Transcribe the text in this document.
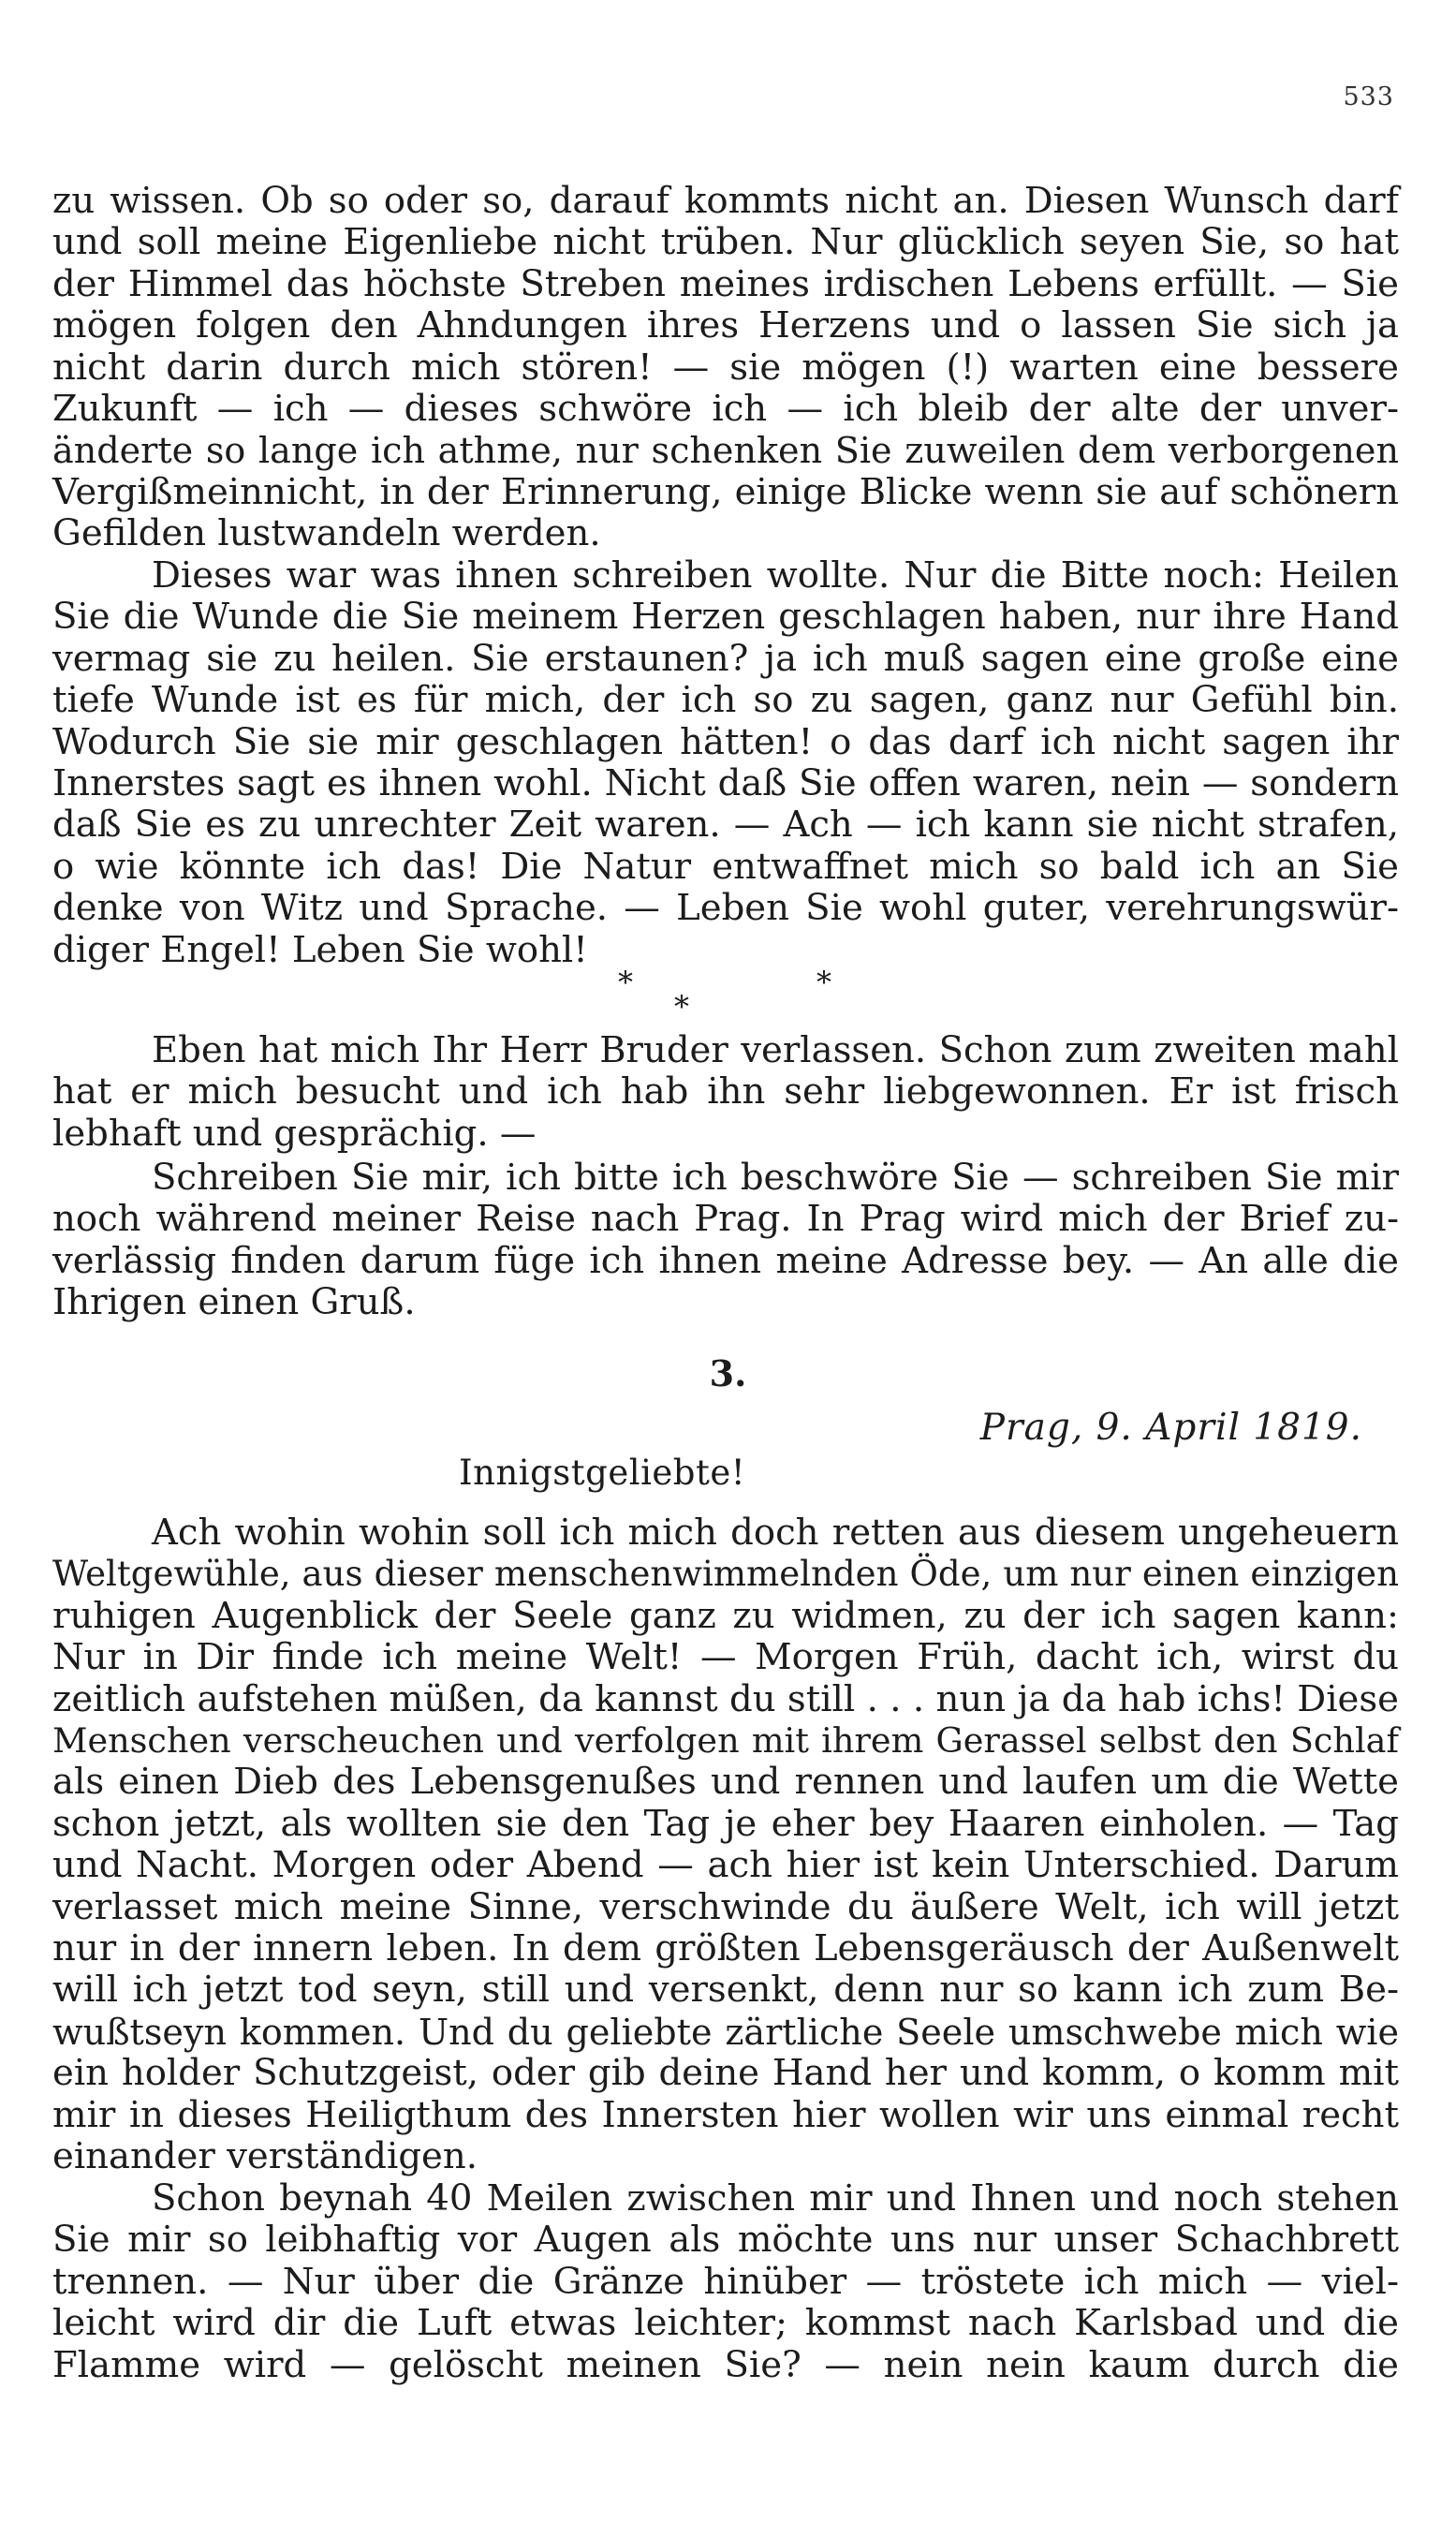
533
zu wissen. Ob so oder so, darauf kommts nicht an. Diesen Wunsch darf
und soll meine Eigenliebe nicht trüben. Nur glücklich seyen Sie, so hat
der Himmel das höchste Streben meines irdischen Lebens erfüllt. — Sie
mögen folgen den Ahndungen ihres Herzens und o lassen Sie sich ja
nicht darin durch mich stören! — sie mögen (!) warten eine bessere
Zukunft — ich — dieses schwöre ich — ich bleib der alte der unver-
änderte so lange ich athme, nur schenken Sie zuweilen dem verborgenen
Vergißmeinnicht, in der Erinnerung, einige Blicke wenn sie auf schönern
Gefilden lustwandeln werden.
Dieses war was ihnen schreiben wollte. Nur die Bitte noch: Heilen
Sie die Wunde die Sie meinem Herzen geschlagen haben, nur ihre Hand
vermag sie zu heilen. Sie erstaunen? ja ich muß sagen eine große eine
tiefe Wunde ist es für mich, der ich so zu sagen, ganz nur Gefühl bin.
Wodurch Sie sie mir geschlagen hätten! o das darf ich nicht sagen ihr
Innerstes sagt es ihnen wohl. Nicht daß Sie offen waren, nein — sondern
daß Sie es zu unrechter Zeit waren. — Ach — ich kann sie nicht strafen,
o wie könnte ich das! Die Natur entwaffnet mich so bald ich an Sie
denke von Witz und Sprache. — Leben Sie wohl guter, verehrungswür-
diger Engel! Leben Sie wohl!
*
*
*
Eben hat mich Ihr Herr Bruder verlassen. Schon zum zweiten mahl
hat er mich besucht und ich hab ihn sehr liebgewonnen. Er ist frisch
lebhaft und gesprächig. —
Schreiben Sie mir, ich bitte ich beschwöre Sie — schreiben Sie mir
noch während meiner Reise nach Prag. In Prag wird mich der Brief zu-
verlässig finden darum füge ich ihnen meine Adresse bey. — An alle die
Ihrigen einen Gruß.
3.
Prag, 9. April 1819.
Innigstgeliebte!
Ach wohin wohin soll ich mich doch retten aus diesem ungeheuern
Weltgewühle, aus dieser menschenwimmelnden Öde, um nur einen einzigen
ruhigen Augenblick der Seele ganz zu widmen, zu der ich sagen kann:
Nur in Dir finde ich meine Welt! — Morgen Früh, dacht ich, wirst du
zeitlich aufstehen müßen, da kannst du still . . . nun ja da hab ichs! Diese
Menschen verscheuchen und verfolgen mit ihrem Gerassel selbst den Schlaf
als einen Dieb des Lebensgenußes und rennen und laufen um die Wette
schon jetzt, als wollten sie den Tag je eher bey Haaren einholen. — Tag
und Nacht. Morgen oder Abend — ach hier ist kein Unterschied. Darum
verlasset mich meine Sinne, verschwinde du äußere Welt, ich will jetzt
nur in der innern leben. In dem größten Lebensgeräusch der Außenwelt
will ich jetzt tod seyn, still und versenkt, denn nur so kann ich zum Be-
wußtseyn kommen. Und du geliebte zärtliche Seele umschwebe mich wie
ein holder Schutzgeist, oder gib deine Hand her und komm, o komm mit
mir in dieses Heiligthum des Innersten hier wollen wir uns einmal recht
einander verständigen.
Schon beynah 40 Meilen zwischen mir und Ihnen und noch stehen
Sie mir so leibhaftig vor Augen als möchte uns nur unser Schachbrett
trennen. — Nur über die Gränze hinüber — tröstete ich mich — viel-
leicht wird dir die Luft etwas leichter; kommst nach Karlsbad und die
Flamme wird — gelöscht meinen Sie? — nein nein kaum durch die
